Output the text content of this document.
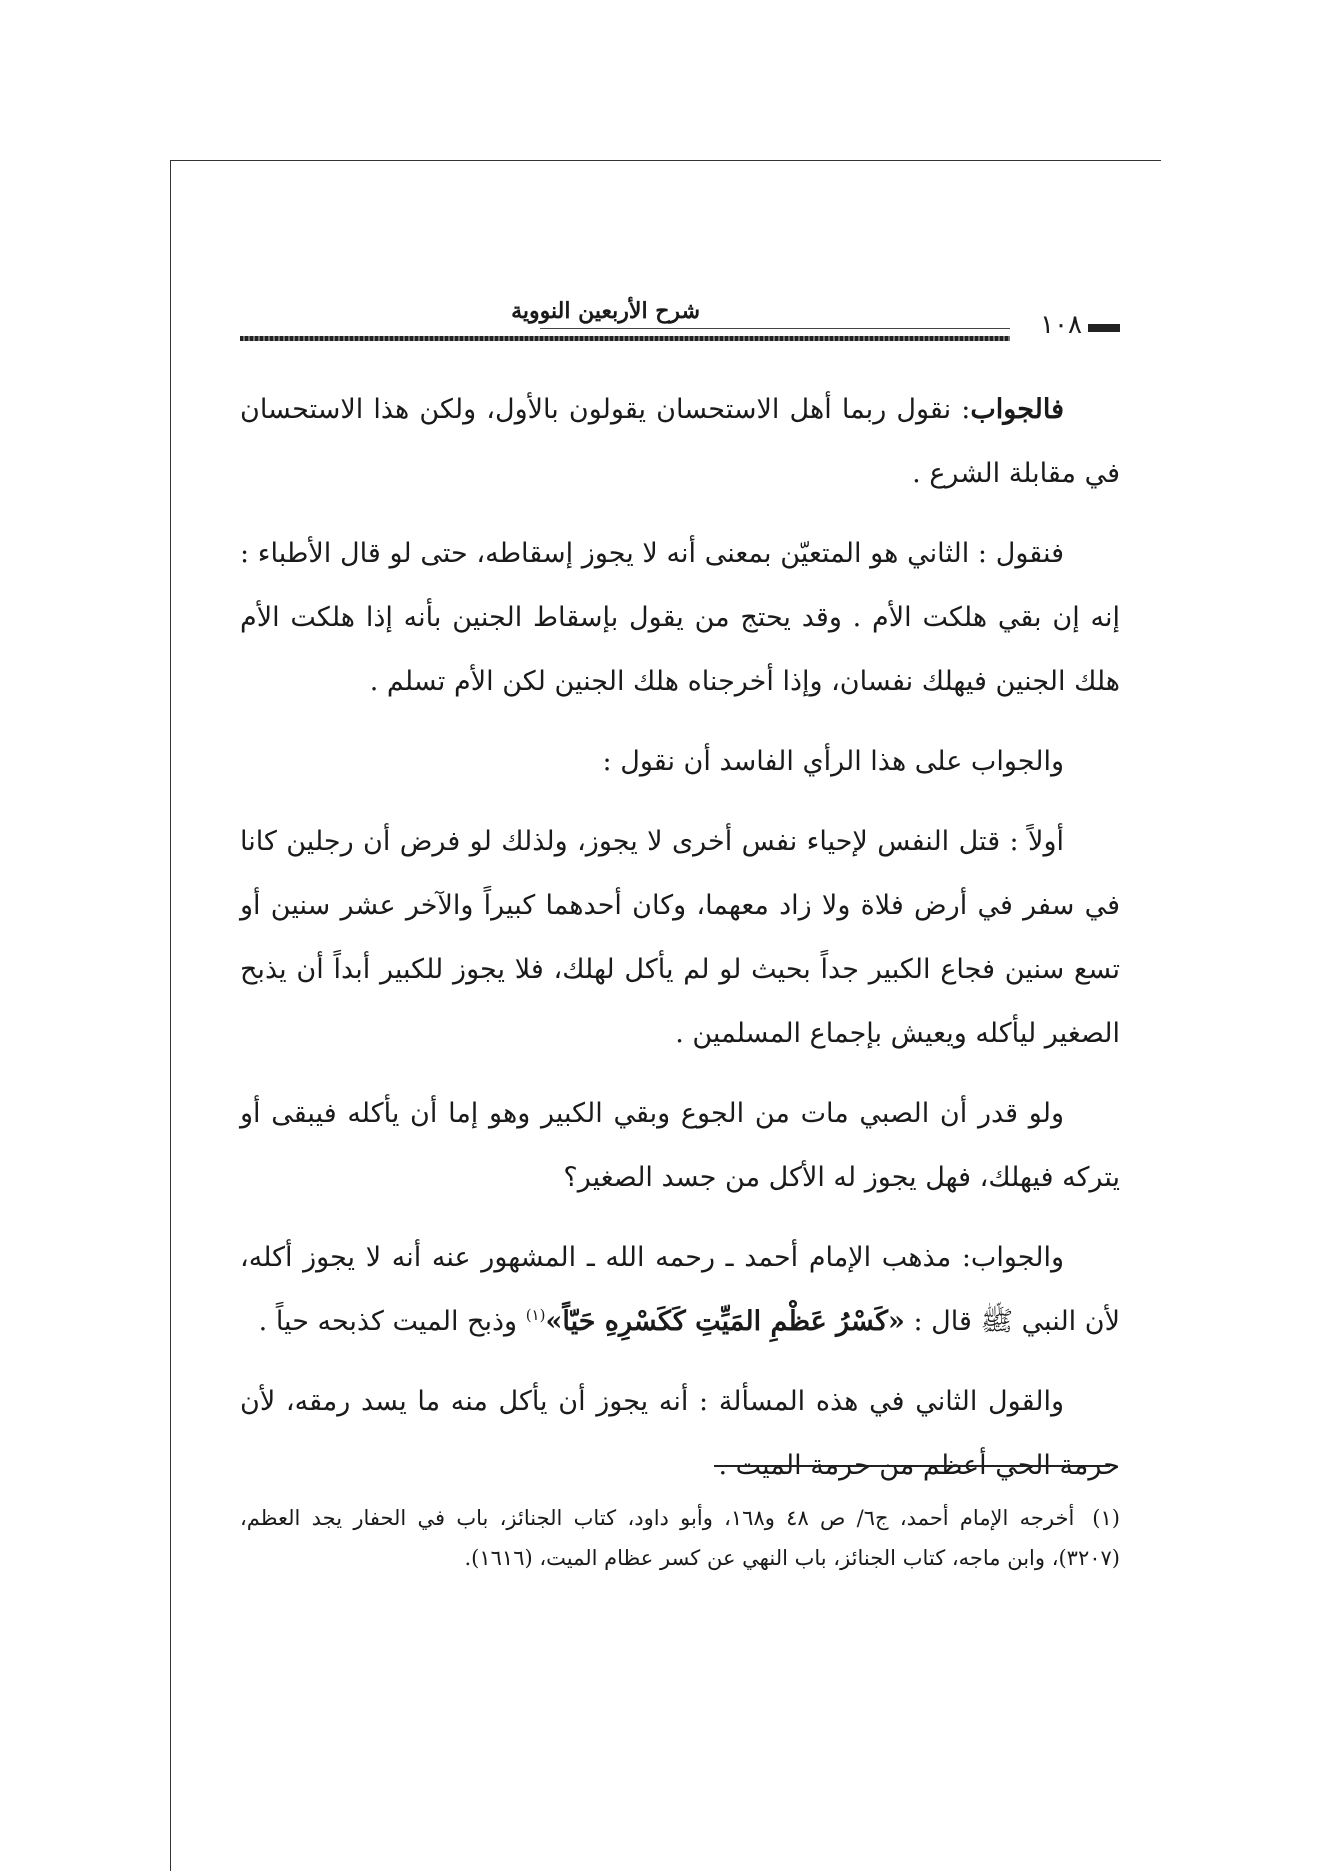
شرح الأربعين النووية	١٠٨

فالجواب: نقول ربما أهل الاستحسان يقولون بالأول، ولكن هذا الاستحسان في مقابلة الشرع .

فنقول : الثاني هو المتعيّن بمعنى أنه لا يجوز إسقاطه، حتى لو قال الأطباء : إنه إن بقي هلكت الأم . وقد يحتج من يقول بإسقاط الجنين بأنه إذا هلكت الأم هلك الجنين فيهلك نفسان، وإذا أخرجناه هلك الجنين لكن الأم تسلم .

والجواب على هذا الرأي الفاسد أن نقول :

أولاً : قتل النفس لإحياء نفس أخرى لا يجوز، ولذلك لو فرض أن رجلين كانا في سفر في أرض فلاة ولا زاد معهما، وكان أحدهما كبيراً والآخر عشر سنين أو تسع سنين فجاع الكبير جداً بحيث لو لم يأكل لهلك، فلا يجوز للكبير أبداً أن يذبح الصغير ليأكله ويعيش بإجماع المسلمين .

ولو قدر أن الصبي مات من الجوع وبقي الكبير وهو إما أن يأكله فيبقى أو يتركه فيهلك، فهل يجوز له الأكل من جسد الصغير؟

والجواب: مذهب الإمام أحمد ـ رحمه الله ـ المشهور عنه أنه لا يجوز أكله، لأن النبي ﷺ قال : «كَسْرُ عَظْمِ المَيِّتِ كَكَسْرِهِ حَيّاً»$^{(١)}$ وذبح الميت كذبحه حياً .

والقول الثاني في هذه المسألة : أنه يجوز أن يأكل منه ما يسد رمقه، لأن حرمة الحي أعظم من حرمة الميت .

(١)أخرجه الإمام أحمد، ج٦/ ص ٤٨ و١٦٨، وأبو داود، كتاب الجنائز، باب في الحفار يجد العظم، (٣٢٠٧)، وابن ماجه، كتاب الجنائز، باب النهي عن كسر عظام الميت، (١٦١٦).
